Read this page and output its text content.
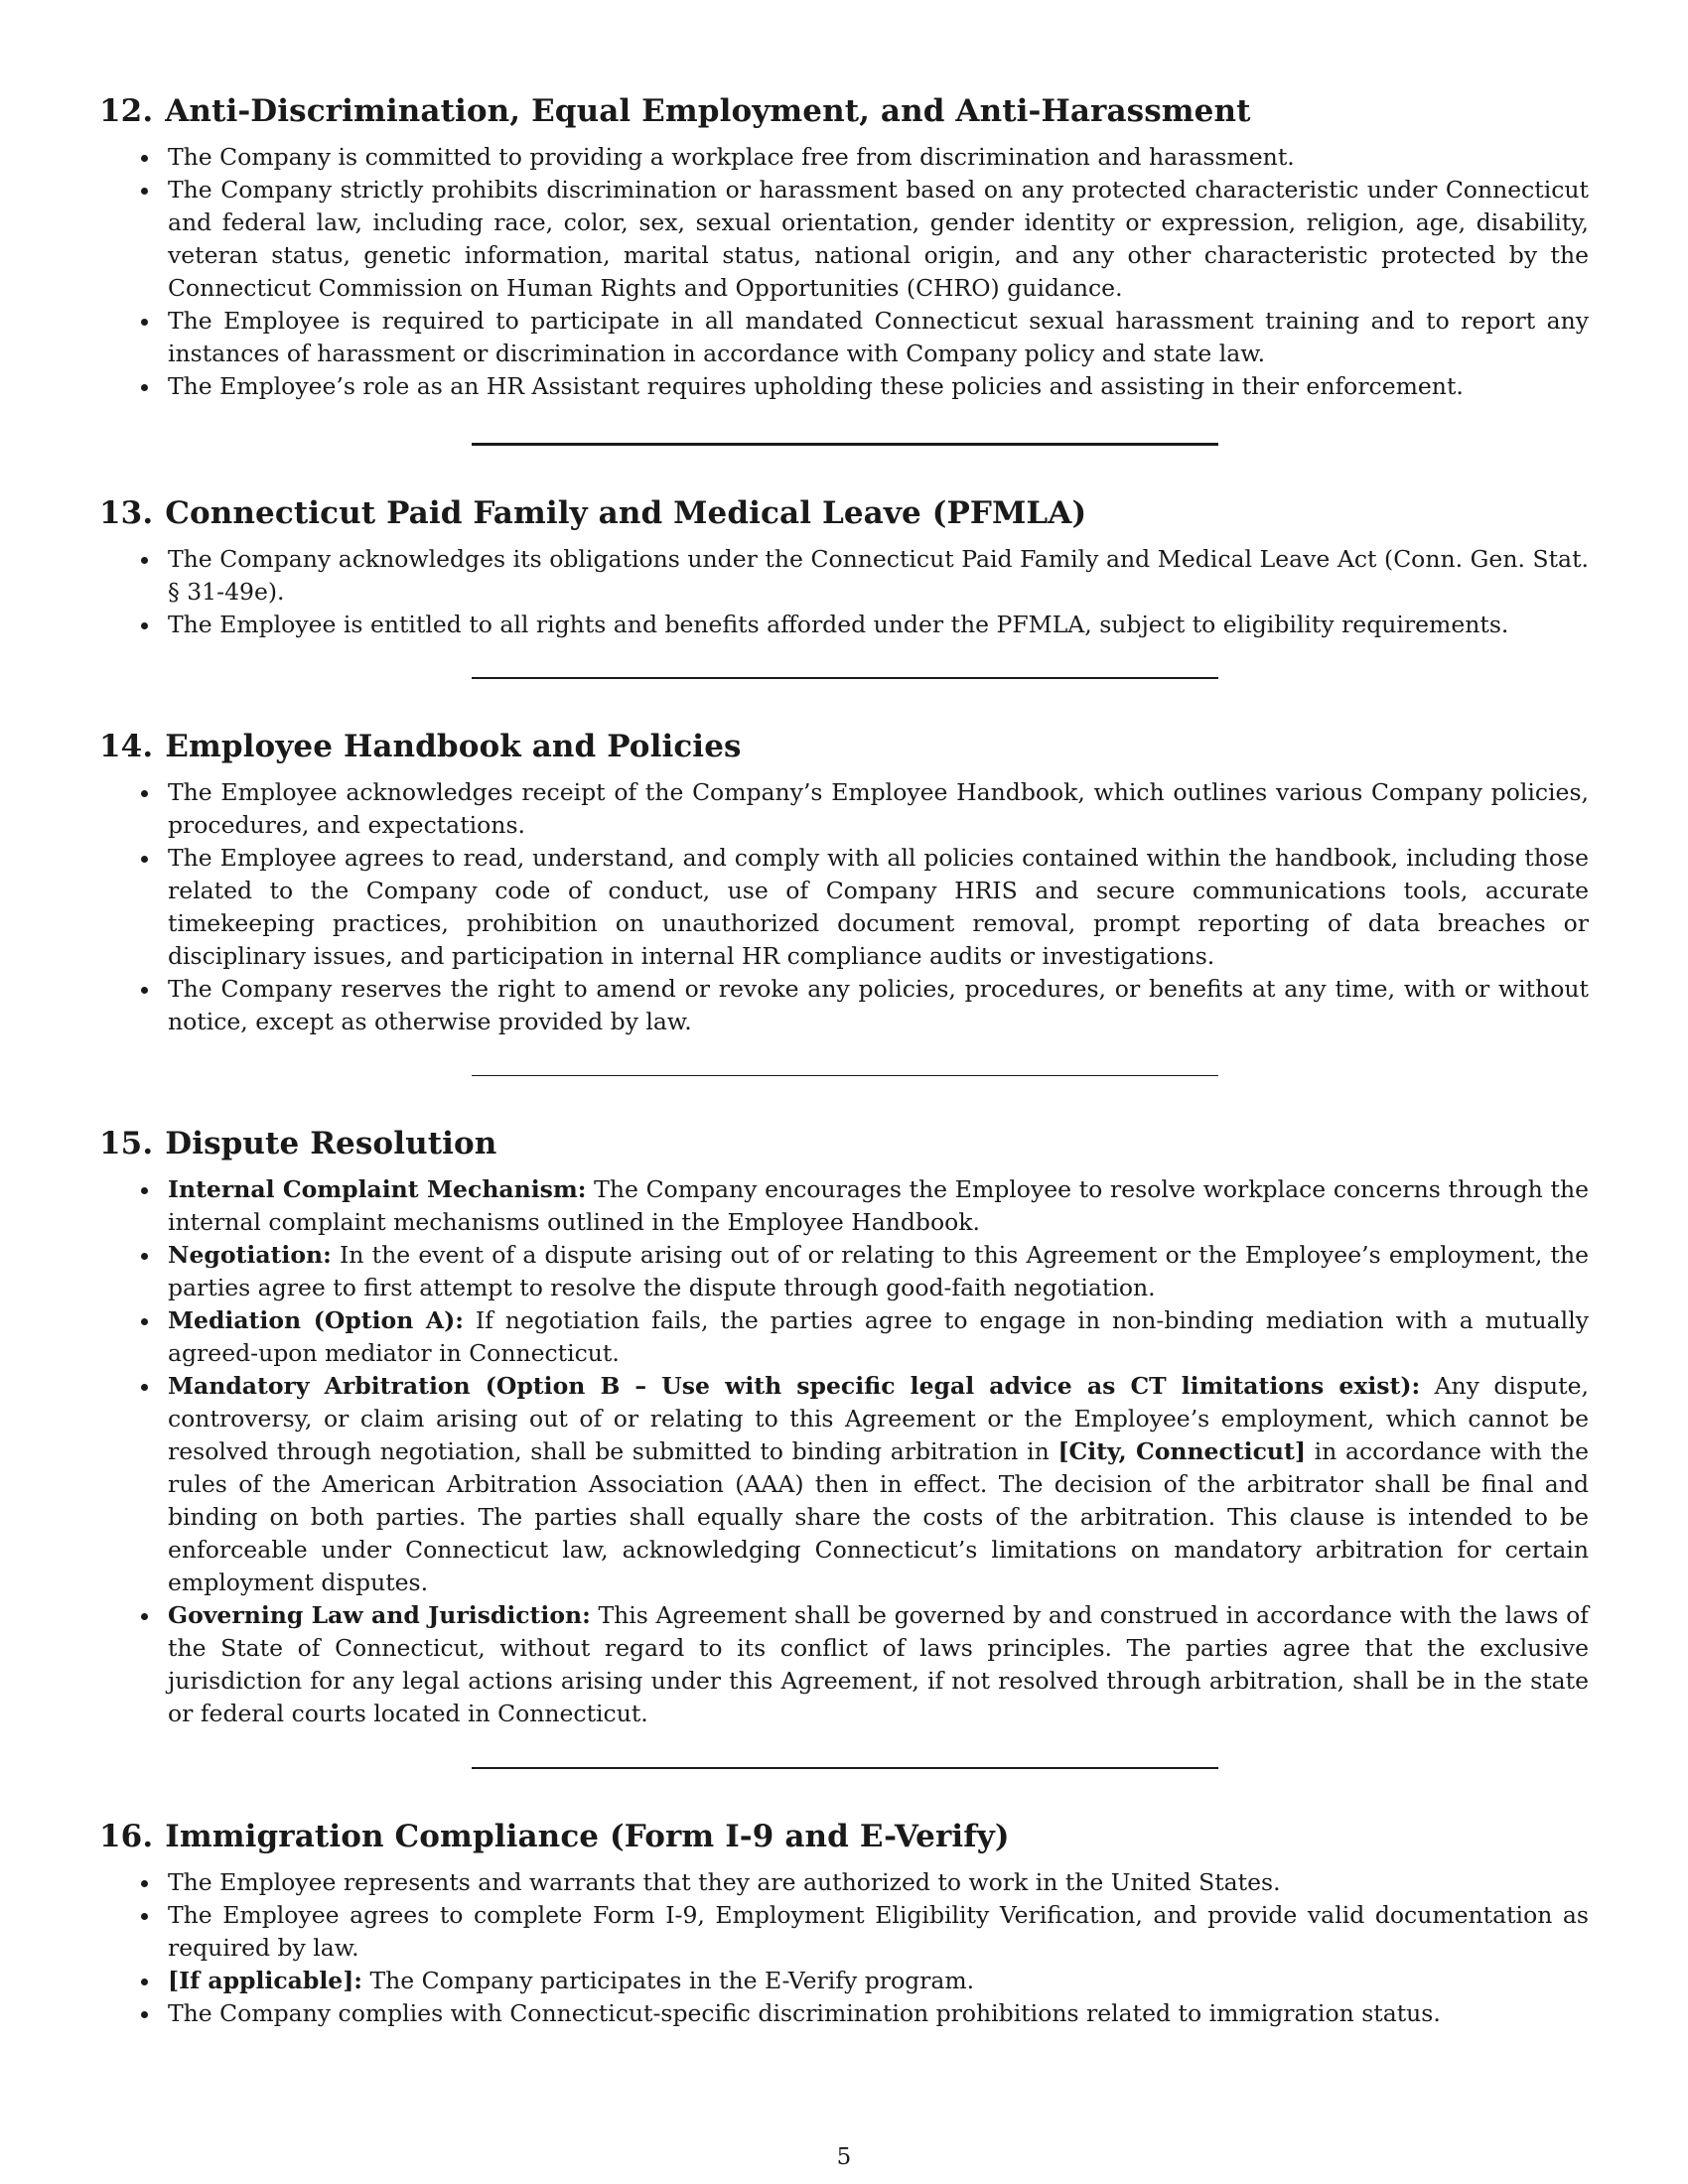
12. Anti-Discrimination, Equal Employment, and Anti-Harassment
The Company is committed to providing a workplace free from discrimination and harassment.
The Company strictly prohibits discrimination or harassment based on any protected characteristic under Connecticut and federal law, including race, color, sex, sexual orientation, gender identity or expression, religion, age, disability, veteran status, genetic information, marital status, national origin, and any other characteristic protected by the Connecticut Commission on Human Rights and Opportunities (CHRO) guidance.
The Employee is required to participate in all mandated Connecticut sexual harassment training and to report any instances of harassment or discrimination in accordance with Company policy and state law.
The Employee’s role as an HR Assistant requires upholding these policies and assisting in their enforcement.
13. Connecticut Paid Family and Medical Leave (PFMLA)
The Company acknowledges its obligations under the Connecticut Paid Family and Medical Leave Act (Conn. Gen. Stat. § 31-49e).
The Employee is entitled to all rights and benefits afforded under the PFMLA, subject to eligibility requirements.
14. Employee Handbook and Policies
The Employee acknowledges receipt of the Company’s Employee Handbook, which outlines various Company policies, procedures, and expectations.
The Employee agrees to read, understand, and comply with all policies contained within the handbook, including those related to the Company code of conduct, use of Company HRIS and secure communications tools, accurate timekeeping practices, prohibition on unauthorized document removal, prompt reporting of data breaches or disciplinary issues, and participation in internal HR compliance audits or investigations.
The Company reserves the right to amend or revoke any policies, procedures, or benefits at any time, with or without notice, except as otherwise provided by law.
15. Dispute Resolution
Internal Complaint Mechanism: The Company encourages the Employee to resolve workplace concerns through the internal complaint mechanisms outlined in the Employee Handbook.
Negotiation: In the event of a dispute arising out of or relating to this Agreement or the Employee’s employment, the parties agree to first attempt to resolve the dispute through good-faith negotiation.
Mediation (Option A): If negotiation fails, the parties agree to engage in non-binding mediation with a mutually agreed-upon mediator in Connecticut.
Mandatory Arbitration (Option B – Use with specific legal advice as CT limitations exist): Any dispute, controversy, or claim arising out of or relating to this Agreement or the Employee’s employment, which cannot be resolved through negotiation, shall be submitted to binding arbitration in [City, Connecticut] in accordance with the rules of the American Arbitration Association (AAA) then in effect. The decision of the arbitrator shall be final and binding on both parties. The parties shall equally share the costs of the arbitration. This clause is intended to be enforceable under Connecticut law, acknowledging Connecticut’s limitations on mandatory arbitration for certain employment disputes.
Governing Law and Jurisdiction: This Agreement shall be governed by and construed in accordance with the laws of the State of Connecticut, without regard to its conflict of laws principles. The parties agree that the exclusive jurisdiction for any legal actions arising under this Agreement, if not resolved through arbitration, shall be in the state or federal courts located in Connecticut.
16. Immigration Compliance (Form I-9 and E-Verify)
The Employee represents and warrants that they are authorized to work in the United States.
The Employee agrees to complete Form I-9, Employment Eligibility Verification, and provide valid documentation as required by law.
[If applicable]: The Company participates in the E-Verify program.
The Company complies with Connecticut-specific discrimination prohibitions related to immigration status.
5
